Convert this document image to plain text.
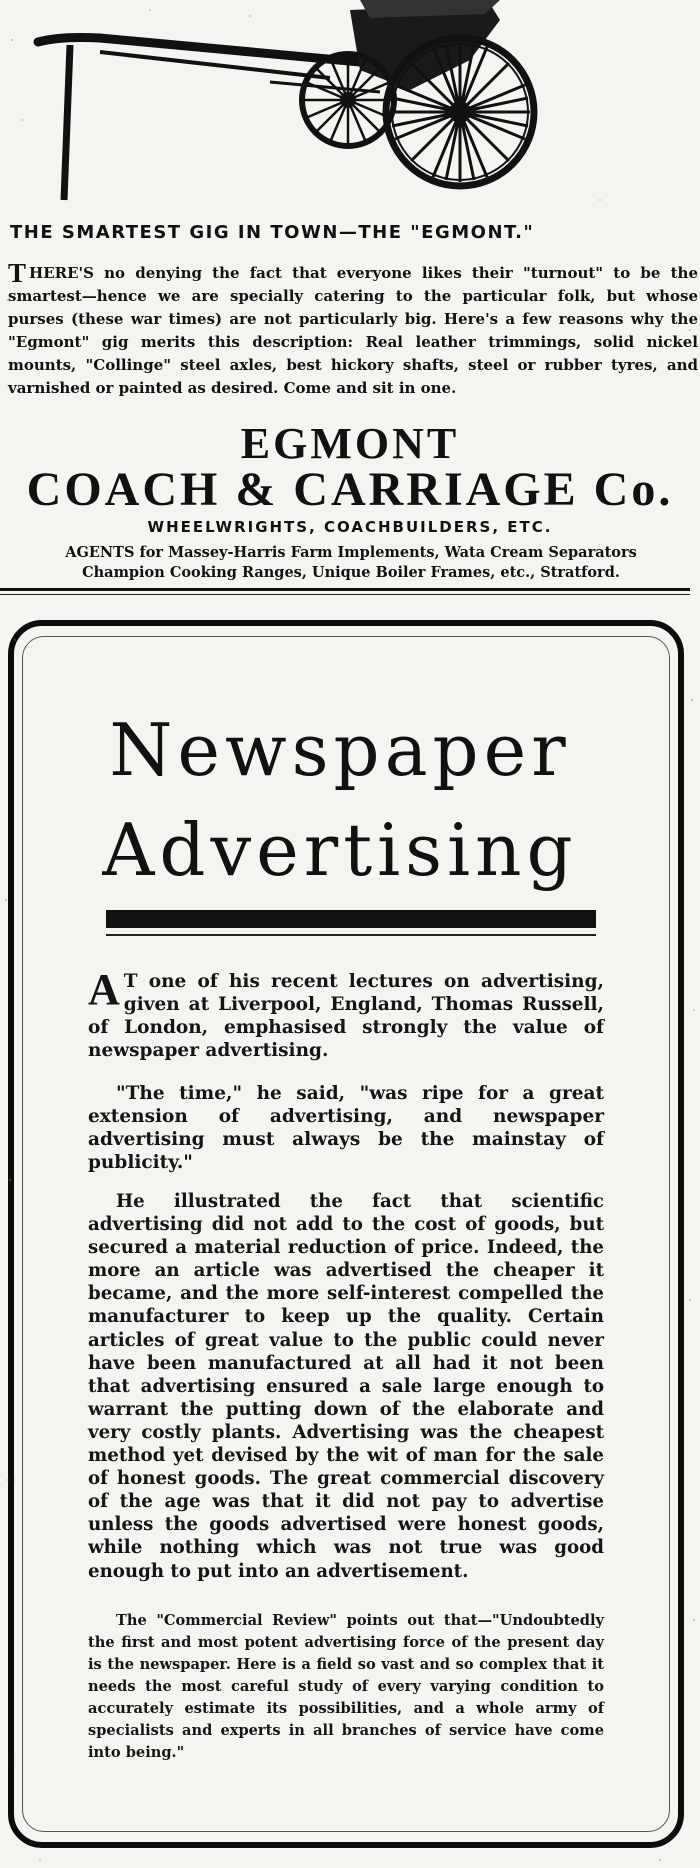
THE SMARTEST GIG IN TOWN—THE "EGMONT."
THERE'S no denying the fact that everyone likes their "turnout" to be the smartest—hence we are specially catering to the particular folk, but whose purses (these war times) are not particularly big. Here's a few reasons why the "Egmont" gig merits this description: Real leather trimmings, solid nickel mounts, "Collinge" steel axles, best hickory shafts, steel or rubber tyres, and varnished or painted as desired. Come and sit in one.
EGMONT
COACH & CARRIAGE Co.
WHEELWRIGHTS, COACHBUILDERS, ETC.
AGENTS for Massey-Harris Farm Implements, Wata Cream Separators
Champion Cooking Ranges, Unique Boiler Frames, etc., Stratford.
Newspaper
Advertising
A T one of his recent lectures on advertising, given at Liverpool, England, Thomas Russell, of London, emphasised strongly the value of newspaper advertising.
"The time," he said, "was ripe for a great extension of advertising, and newspaper advertising must always be the mainstay of publicity."
He illustrated the fact that scientific advertising did not add to the cost of goods, but secured a material reduction of price. Indeed, the more an article was advertised the cheaper it became, and the more self-interest compelled the manufacturer to keep up the quality. Certain articles of great value to the public could never have been manufactured at all had it not been that advertising ensured a sale large enough to warrant the putting down of the elaborate and very costly plants. Advertising was the cheapest method yet devised by the wit of man for the sale of honest goods. The great commercial discovery of the age was that it did not pay to advertise unless the goods advertised were honest goods, while nothing which was not true was good enough to put into an advertisement.
The "Commercial Review" points out that—"Undoubtedly the first and most potent advertising force of the present day is the newspaper. Here is a field so vast and so complex that it needs the most careful study of every varying condition to accurately estimate its possibilities, and a whole army of specialists and experts in all branches of service have come into being."
